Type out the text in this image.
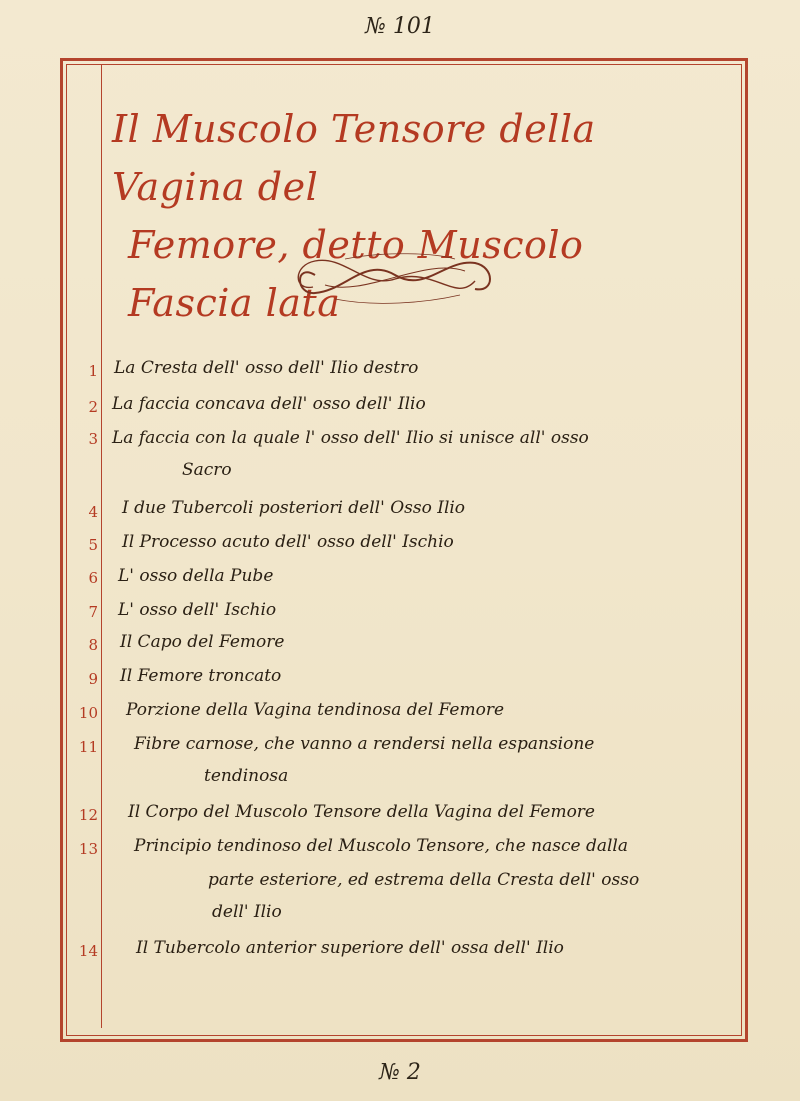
№ 101
Il Muscolo Tensore della Vagina del
Femore, detto Muscolo Fascia lata
1 La Cresta dell' osso dell' Ilio destro
2 La faccia concava dell' osso dell' Ilio
3 La faccia con la quale l' osso dell' Ilio si unisce all' osso
Sacro
4 I due Tubercoli posteriori dell' Osso Ilio
5 Il Processo acuto dell' osso dell' Ischio
6 L' osso della Pube
7 L' osso dell' Ischio
8 Il Capo del Femore
9 Il Femore troncato
10 Porzione della Vagina tendinosa del Femore
11 Fibre carnose, che vanno a rendersi nella espansione
tendinosa
12 Il Corpo del Muscolo Tensore della Vagina del Femore
13 Principio tendinoso del Muscolo Tensore, che nasce dalla
parte esteriore, ed estrema della Cresta dell' osso
dell' Ilio
14 Il Tubercolo anterior superiore dell' ossa dell' Ilio
№ 2
